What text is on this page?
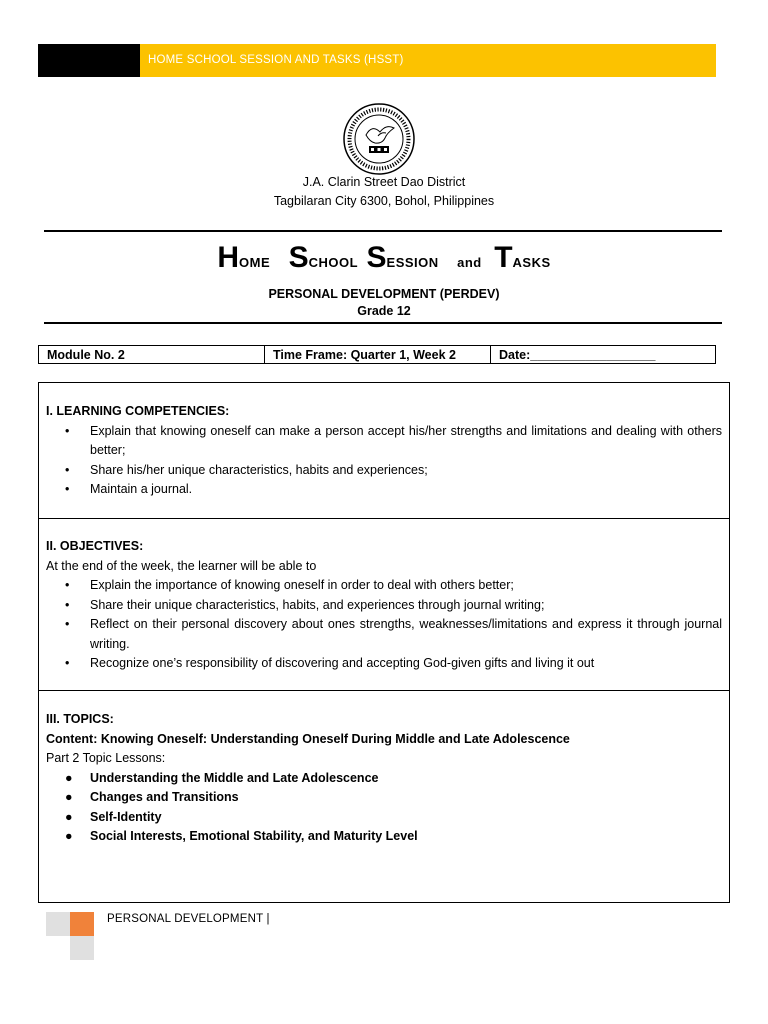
HOME SCHOOL SESSION AND TASKS (HSST)
J.A. Clarin Street Dao District
Tagbilaran City 6300, Bohol, Philippines
HOME SCHOOL SESSION and TASKS
PERSONAL DEVELOPMENT (PERDEV)
Grade 12
Module No. 2	Time Frame: Quarter 1, Week 2	Date:__________________
I. LEARNING COMPETENCIES:
• Explain that knowing oneself can make a person accept his/her strengths and limitations and dealing with others better;
• Share his/her unique characteristics, habits and experiences;
• Maintain a journal.
II. OBJECTIVES:
At the end of the week, the learner will be able to
• Explain the importance of knowing oneself in order to deal with others better;
• Share their unique characteristics, habits, and experiences through journal writing;
• Reflect on their personal discovery about ones strengths, weaknesses/limitations and express it through journal writing.
• Recognize one’s responsibility of discovering and accepting God-given gifts and living it out
III. TOPICS:
Content: Knowing Oneself: Understanding Oneself During Middle and Late Adolescence
Part 2 Topic Lessons:
● Understanding the Middle and Late Adolescence
● Changes and Transitions
● Self-Identity
● Social Interests, Emotional Stability, and Maturity Level
PERSONAL DEVELOPMENT |
